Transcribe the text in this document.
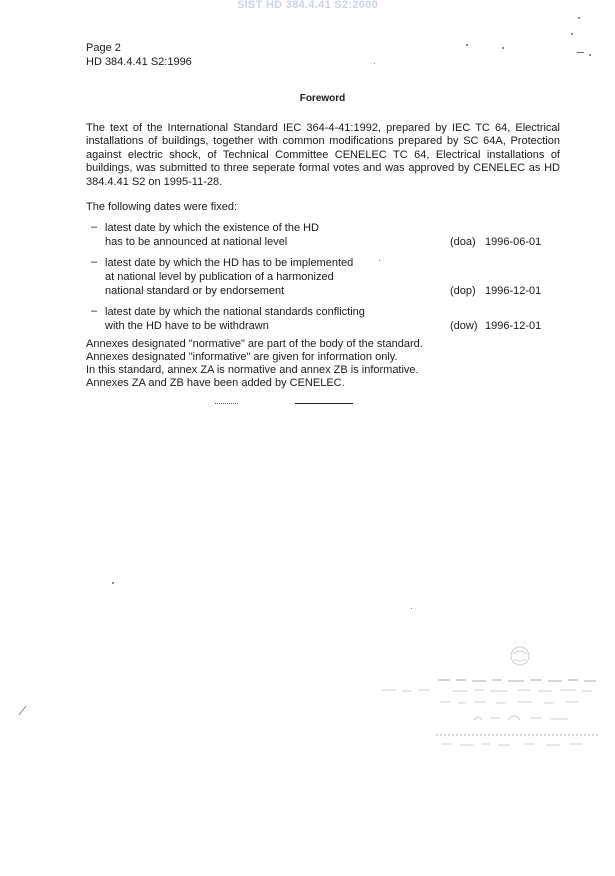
SIST HD 384.4.41 S2:2000
Page 2
HD 384.4.41 S2:1996
Foreword
The text of the International Standard IEC 364-4-41:1992, prepared by IEC TC 64, Electrical installations of buildings, together with common modifications prepared by SC 64A, Protection against electric shock, of Technical Committee CENELEC TC 64, Electrical installations of buildings, was submitted to three seperate formal votes and was approved by CENELEC as HD 384.4.41 S2 on 1995-11-28.
The following dates were fixed:
– latest date by which the existence of the HD
has to be announced at national level	(doa) 1996-06-01
– latest date by which the HD has to be implemented
at national level by publication of a harmonized
national standard or by endorsement	(dop) 1996-12-01
– latest date by which the national standards conflicting
with the HD have to be withdrawn	(dow) 1996-12-01
Annexes designated "normative" are part of the body of the standard.
Annexes designated "informative" are given for information only.
In this standard, annex ZA is normative and annex ZB is informative.
Annexes ZA and ZB have been added by CENELEC.
